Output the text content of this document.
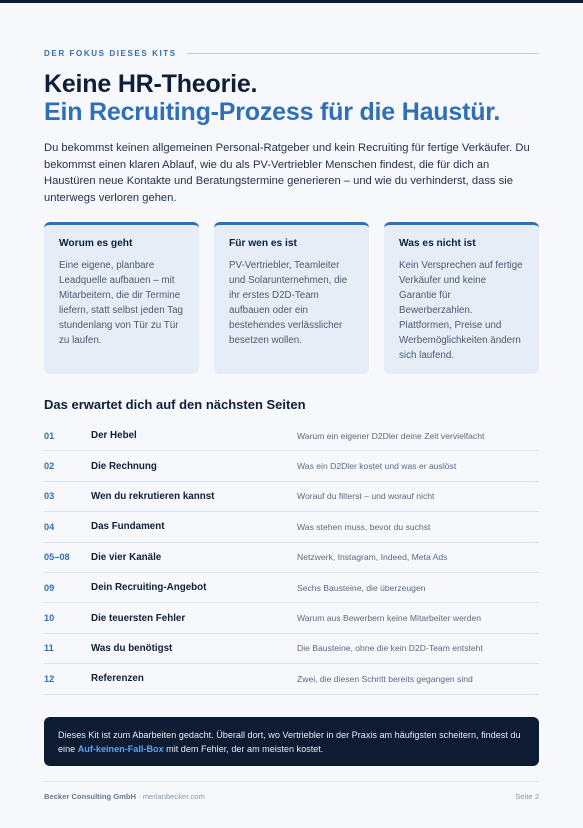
DER FOKUS DIESES KITS
Keine HR-Theorie.
Ein Recruiting-Prozess für die Haustür.

Du bekommst keinen allgemeinen Personal-Ratgeber und kein Recruiting für fertige Verkäufer. Du bekommst einen klaren Ablauf, wie du als PV-Vertriebler Menschen findest, die für dich an Haustüren neue Kontakte und Beratungstermine generieren – und wie du verhinderst, dass sie unterwegs verloren gehen.

Worum es geht
Eine eigene, planbare Leadquelle aufbauen – mit Mitarbeitern, die dir Termine liefern, statt selbst jeden Tag stundenlang von Tür zu Tür zu laufen.
Für wen es ist
PV-Vertriebler, Teamleiter und Solarunternehmen, die ihr erstes D2D-Team aufbauen oder ein bestehendes verlässlicher besetzen wollen.
Was es nicht ist
Kein Versprechen auf fertige Verkäufer und keine Garantie für Bewerberzahlen. Plattformen, Preise und Werbemöglichkeiten ändern sich laufend.
Das erwartet dich auf den nächsten Seiten
01	Der Hebel	Warum ein eigener D2Dler deine Zeit vervielfacht
02	Die Rechnung	Was ein D2Dler kostet und was er auslöst
03	Wen du rekrutieren kannst	Worauf du filterst – und worauf nicht
04	Das Fundament	Was stehen muss, bevor du suchst
05–08	Die vier Kanäle	Netzwerk, Instagram, Indeed, Meta Ads
09	Dein Recruiting-Angebot	Sechs Bausteine, die überzeugen
10	Die teuersten Fehler	Warum aus Bewerbern keine Mitarbeiter werden
11	Was du benötigst	Die Bausteine, ohne die kein D2D-Team entsteht
12	Referenzen	Zwei, die diesen Schritt bereits gegangen sind
Dieses Kit ist zum Abarbeiten gedacht. Überall dort, wo Vertriebler in der Praxis am häufigsten scheitern, findest du eine Auf-keinen-Fall-Box mit dem Fehler, der am meisten kostet.
Becker Consulting GmbH · merlanbecker.com	Seite 2
